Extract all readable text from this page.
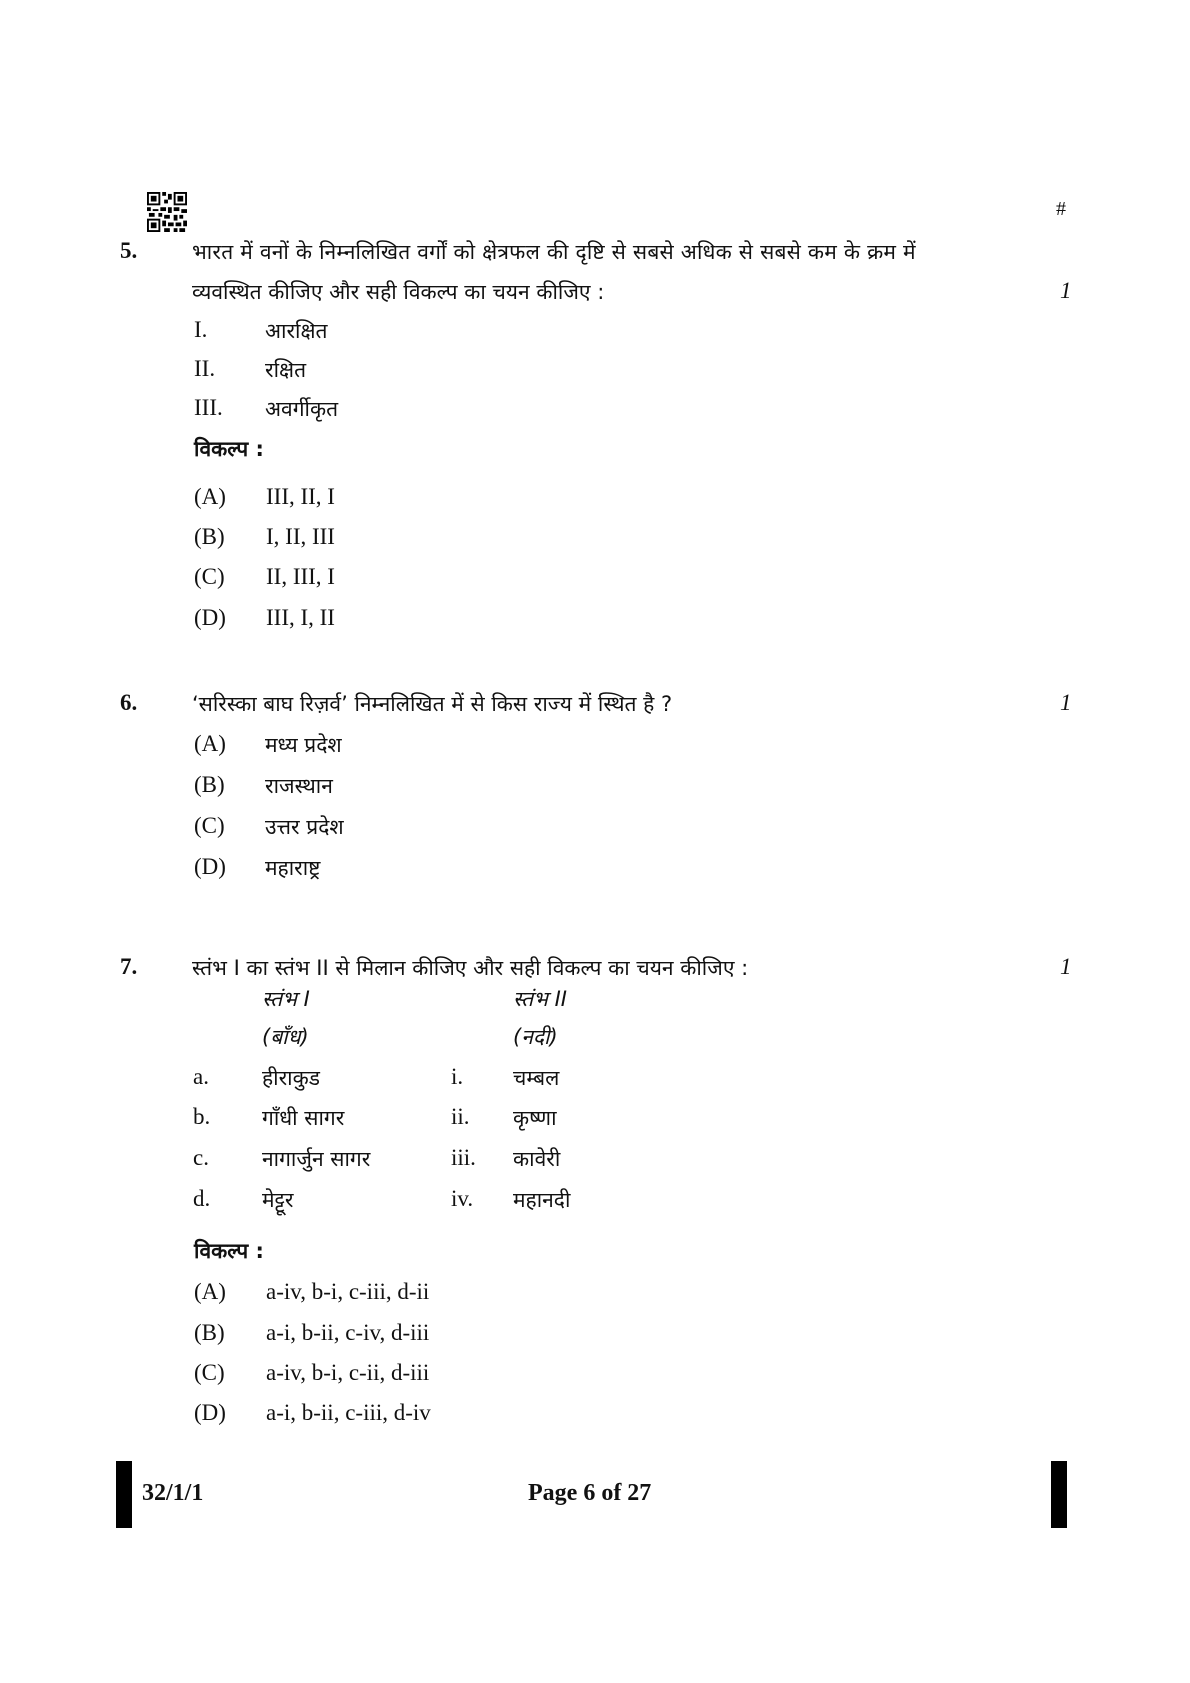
#
5.	भारत में वनों के निम्नलिखित वर्गों को क्षेत्रफल की दृष्टि से सबसे अधिक से सबसे कम के क्रम में
व्यवस्थित कीजिए और सही विकल्प का चयन कीजिए :	1
I.	आरक्षित
II. रक्षित
III. अवर्गीकृत
विकल्प :
(A) III, II, I
(B) I, II, III
(C) II, III, I
(D) III, I, II
6.	‘सरिस्का बाघ रिज़र्व’ निम्नलिखित में से किस राज्य में स्थित है ?	1
(A) मध्य प्रदेश
(B) राजस्थान
(C) उत्तर प्रदेश
(D) महाराष्ट्र
7.	स्तंभ I का स्तंभ II से मिलान कीजिए और सही विकल्प का चयन कीजिए :	1
स्तंभ I	स्तंभ II
(बाँध)	(नदी)
a.	हीराकुड	i. चम्बल
b. गाँधी सागर	ii. कृष्णा
c.	नागार्जुन सागर	iii. कावेरी
d. मेट्टूर	iv. महानदी
विकल्प :
(A) a-iv, b-i, c-iii, d-ii
(B) a-i, b-ii, c-iv, d-iii
(C) a-iv, b-i, c-ii, d-iii
(D) a-i, b-ii, c-iii, d-iv
32/1/1	Page 6 of 27
